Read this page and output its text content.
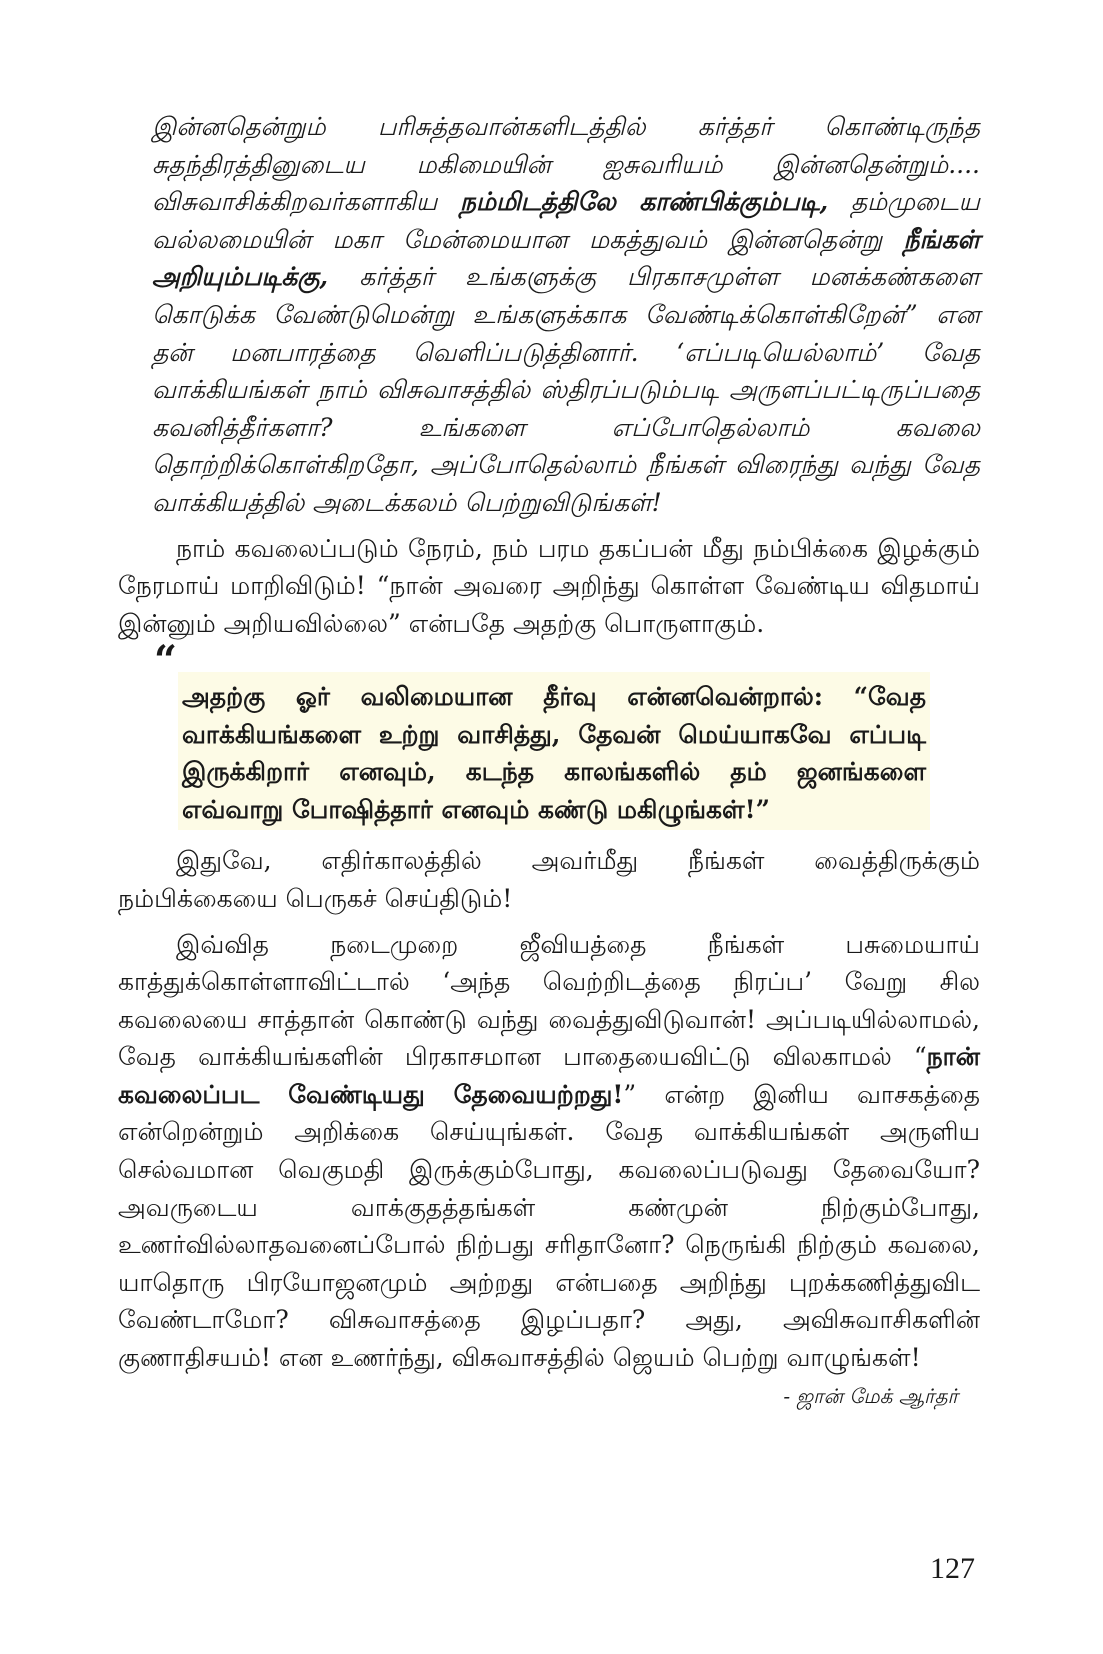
இன்னதென்றும் பரிசுத்தவான்களிடத்தில் கர்த்தர் கொண்டிருந்த சுதந்திரத்தினுடைய மகிமையின் ஐசுவரியம் இன்னதென்றும்.... விசுவாசிக்கிறவர்களாகிய நம்மிடத்திலே காண்பிக்கும்படி, தம்முடைய வல்லமையின் மகா மேன்மையான மகத்துவம் இன்னதென்று நீங்கள் அறியும்படிக்கு, கர்த்தர் உங்களுக்கு பிரகாசமுள்ள மனக்கண்களை கொடுக்க வேண்டுமென்று உங்களுக்காக வேண்டிக்கொள்கிறேன்” என தன் மனபாரத்தை வெளிப்படுத்தினார். ‘எப்படியெல்லாம்’ வேத வாக்கியங்கள் நாம் விசுவாசத்தில் ஸ்திரப்படும்படி அருளப்பட்டிருப்பதை கவனித்தீர்களா? உங்களை எப்போதெல்லாம் கவலை தொற்றிக்கொள்கிறதோ, அப்போதெல்லாம் நீங்கள் விரைந்து வந்து வேத வாக்கியத்தில் அடைக்கலம் பெற்றுவிடுங்கள்!

நாம் கவலைப்படும் நேரம், நம் பரம தகப்பன் மீது நம்பிக்கை இழக்கும் நேரமாய் மாறிவிடும்! “நான் அவரை அறிந்து கொள்ள வேண்டிய விதமாய் இன்னும் அறியவில்லை” என்பதே அதற்கு பொருளாகும்.

“

அதற்கு ஓர் வலிமையான தீர்வு என்னவென்றால்: “வேத வாக்கியங்களை உற்று வாசித்து, தேவன் மெய்யாகவே எப்படி இருக்கிறார் எனவும், கடந்த காலங்களில் தம் ஜனங்களை எவ்வாறு போஷித்தார் எனவும் கண்டு மகிழுங்கள்!”

இதுவே, எதிர்காலத்தில் அவர்மீது நீங்கள் வைத்திருக்கும் நம்பிக்கையை பெருகச் செய்திடும்!

இவ்வித நடைமுறை ஜீவியத்தை நீங்கள் பசுமையாய் காத்துக்கொள்ளாவிட்டால் ‘அந்த வெற்றிடத்தை நிரப்ப’ வேறு சில கவலையை சாத்தான் கொண்டு வந்து வைத்துவிடுவான்! அப்படியில்லாமல், வேத வாக்கியங்களின் பிரகாசமான பாதையைவிட்டு விலகாமல் “நான் கவலைப்பட வேண்டியது தேவையற்றது!” என்ற இனிய வாசகத்தை என்றென்றும் அறிக்கை செய்யுங்கள். வேத வாக்கியங்கள் அருளிய செல்வமான வெகுமதி இருக்கும்போது, கவலைப்படுவது தேவையோ? அவருடைய வாக்குதத்தங்கள் கண்முன் நிற்கும்போது, உணர்வில்லாதவனைப்போல் நிற்பது சரிதானோ? நெருங்கி நிற்கும் கவலை, யாதொரு பிரயோஜனமும் அற்றது என்பதை அறிந்து புறக்கணித்துவிட வேண்டாமோ? விசுவாசத்தை இழப்பதா? அது, அவிசுவாசிகளின் குணாதிசயம்! என உணர்ந்து, விசுவாசத்தில் ஜெயம் பெற்று வாழுங்கள்!

- ஜான் மேக் ஆர்தர்
127
